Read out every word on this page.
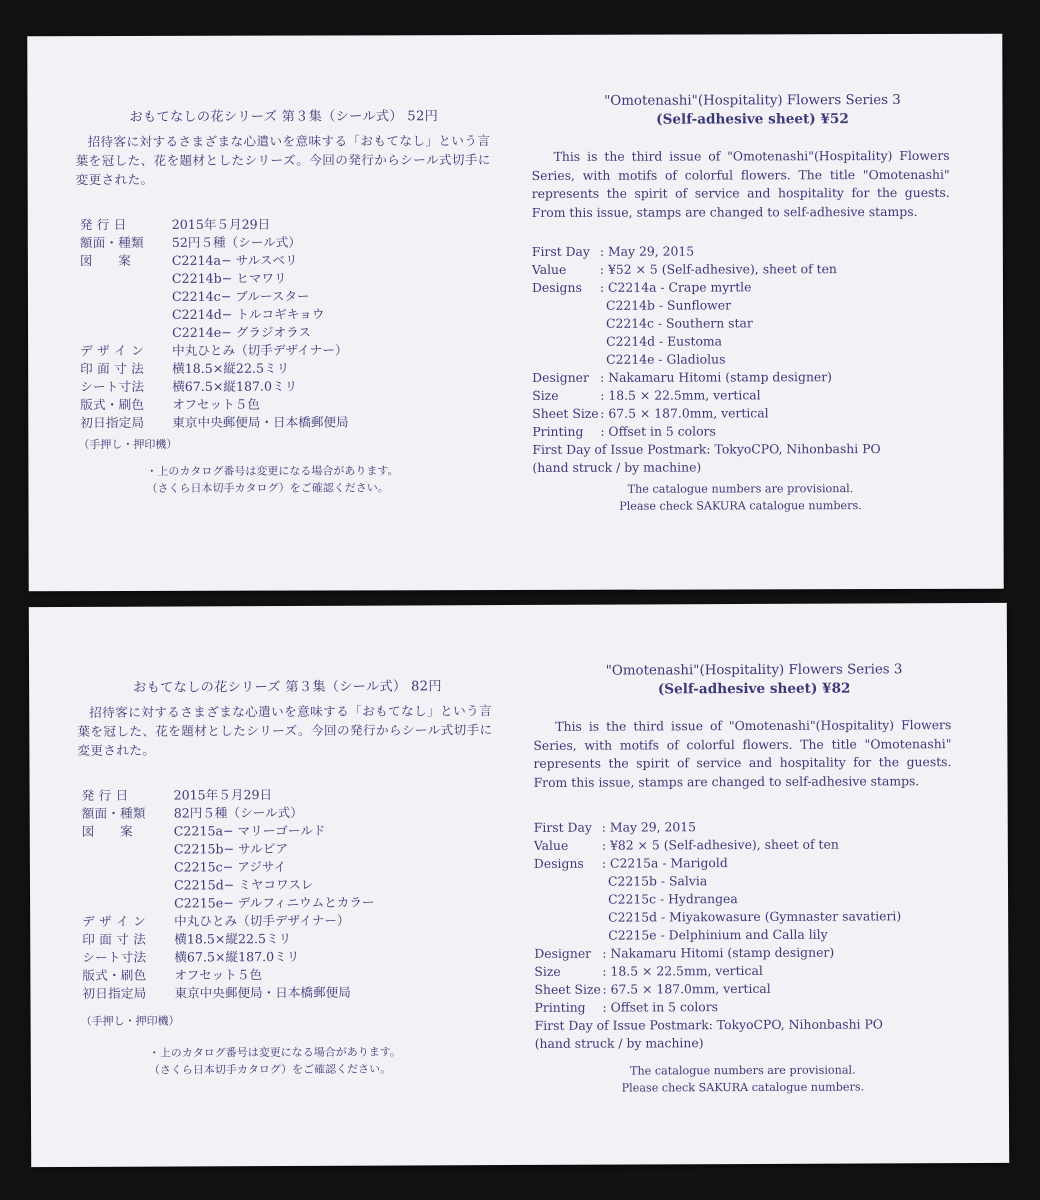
おもてなしの花シリーズ 第３集（シール式） 52円
招待客に対するさまざまな心遣いを意味する「おもてなし」という言葉を冠した、花を題材としたシリーズ。今回の発行からシール式切手に変更された。
発 行 日	2015年５月29日
額面・種類	52円５種（シール式）
図　　案	C2214a− サルスベリ
C2214b− ヒマワリ
C2214c− ブルースター
C2214d− トルコギキョウ
C2214e− グラジオラス
デ ザ イ ン	中丸ひとみ（切手デザイナー）
印 面 寸 法	横18.5×縦22.5ミリ
シート寸法	横67.5×縦187.0ミリ
版式・刷色	オフセット５色
初日指定局	東京中央郵便局・日本橋郵便局
（手押し・押印機）
・上のカタログ番号は変更になる場合があります。
（さくら日本切手カタログ）をご確認ください。
"Omotenashi"(Hospitality) Flowers Series 3
(Self-adhesive sheet) ¥52
This is the third issue of "Omotenashi"(Hospitality) Flowers Series, with motifs of colorful flowers. The title "Omotenashi" represents the spirit of service and hospitality for the guests. From this issue, stamps are changed to self-adhesive stamps.
First Day : May 29, 2015
Value	: ¥52 × 5 (Self-adhesive), sheet of ten
Designs	: C2214a - Crape myrtle
C2214b - Sunflower
C2214c - Southern star
C2214d - Eustoma
C2214e - Gladiolus
Designer : Nakamaru Hitomi (stamp designer)
Size	: 18.5 × 22.5mm, vertical
Sheet Size : 67.5 × 187.0mm, vertical
Printing	: Offset in 5 colors
First Day of Issue Postmark: TokyoCPO, Nihonbashi PO
(hand struck / by machine)
The catalogue numbers are provisional.
Please check SAKURA catalogue numbers.
おもてなしの花シリーズ 第３集（シール式） 82円
招待客に対するさまざまな心遣いを意味する「おもてなし」という言葉を冠した、花を題材としたシリーズ。今回の発行からシール式切手に変更された。
発 行 日	2015年５月29日
額面・種類	82円５種（シール式）
図　　案	C2215a− マリーゴールド
C2215b− サルビア
C2215c− アジサイ
C2215d− ミヤコワスレ
C2215e− デルフィニウムとカラー
デ ザ イ ン	中丸ひとみ（切手デザイナー）
印 面 寸 法	横18.5×縦22.5ミリ
シート寸法	横67.5×縦187.0ミリ
版式・刷色	オフセット５色
初日指定局	東京中央郵便局・日本橋郵便局
（手押し・押印機）
・上のカタログ番号は変更になる場合があります。
（さくら日本切手カタログ）をご確認ください。
"Omotenashi"(Hospitality) Flowers Series 3
(Self-adhesive sheet) ¥82
This is the third issue of "Omotenashi"(Hospitality) Flowers Series, with motifs of colorful flowers. The title "Omotenashi" represents the spirit of service and hospitality for the guests. From this issue, stamps are changed to self-adhesive stamps.
First Day : May 29, 2015
Value	: ¥82 × 5 (Self-adhesive), sheet of ten
Designs	: C2215a - Marigold
C2215b - Salvia
C2215c - Hydrangea
C2215d - Miyakowasure (Gymnaster savatieri)
C2215e - Delphinium and Calla lily
Designer : Nakamaru Hitomi (stamp designer)
Size	: 18.5 × 22.5mm, vertical
Sheet Size : 67.5 × 187.0mm, vertical
Printing	: Offset in 5 colors
First Day of Issue Postmark: TokyoCPO, Nihonbashi PO
(hand struck / by machine)
The catalogue numbers are provisional.
Please check SAKURA catalogue numbers.
